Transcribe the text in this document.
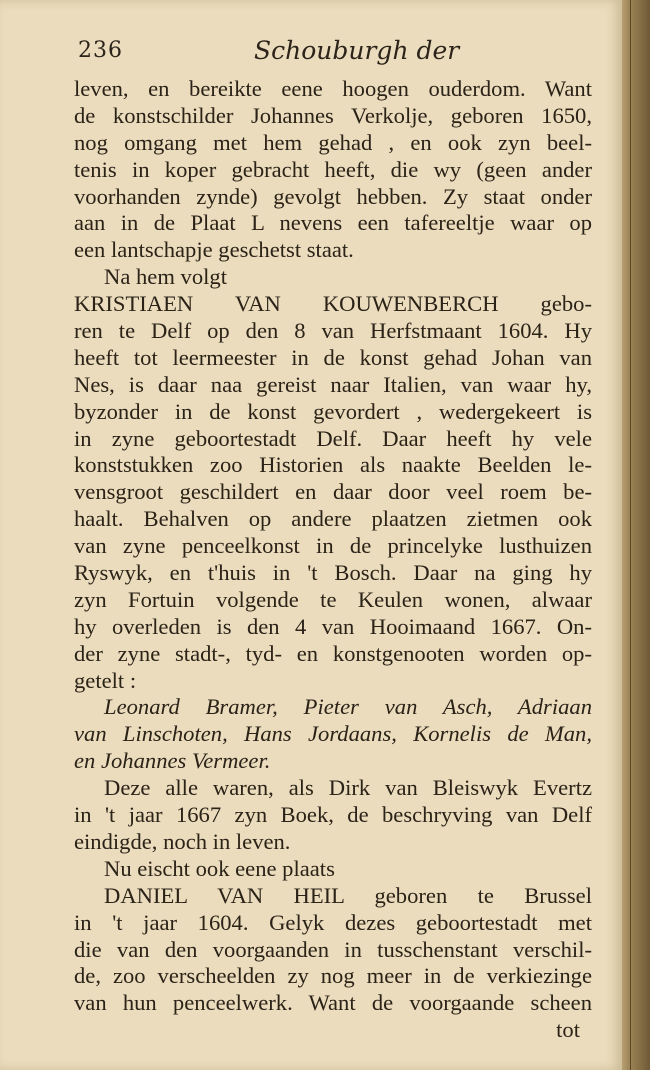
236	Schouburgh der
leven, en bereikte eene hoogen ouderdom. Want
de konstschilder Johannes Verkolje, geboren 1650,
nog omgang met hem gehad , en ook zyn beel-
tenis in koper gebracht heeft, die wy (geen ander
voorhanden zynde) gevolgt hebben. Zy staat onder
aan in de Plaat L nevens een tafereeltje waar op
een lantschapje geschetst staat.
Na hem volgt
KRISTIAEN VAN KOUWENBERCH gebo-
ren te Delf op den 8 van Herfstmaant 1604. Hy
heeft tot leermeester in de konst gehad Johan van
Nes, is daar naa gereist naar Italien, van waar hy,
byzonder in de konst gevordert , wedergekeert is
in zyne geboortestadt Delf. Daar heeft hy vele
konststukken zoo Historien als naakte Beelden le-
vensgroot geschildert en daar door veel roem be-
haalt. Behalven op andere plaatzen zietmen ook
van zyne penceelkonst in de princelyke lusthuizen
Ryswyk, en t'huis in 't Bosch. Daar na ging hy
zyn Fortuin volgende te Keulen wonen, alwaar
hy overleden is den 4 van Hooimaand 1667. On-
der zyne stadt-, tyd- en konstgenooten worden op-
getelt :
Leonard Bramer, Pieter van Asch, Adriaan
van Linschoten, Hans Jordaans, Kornelis de Man,
en Johannes Vermeer.
Deze alle waren, als Dirk van Bleiswyk Evertz
in 't jaar 1667 zyn Boek, de beschryving van Delf
eindigde, noch in leven.
Nu eischt ook eene plaats
DANIEL VAN HEIL geboren te Brussel
in 't jaar 1604. Gelyk dezes geboortestadt met
die van den voorgaanden in tusschenstant verschil-
de, zoo verscheelden zy nog meer in de verkiezinge
van hun penceelwerk. Want de voorgaande scheen
tot
